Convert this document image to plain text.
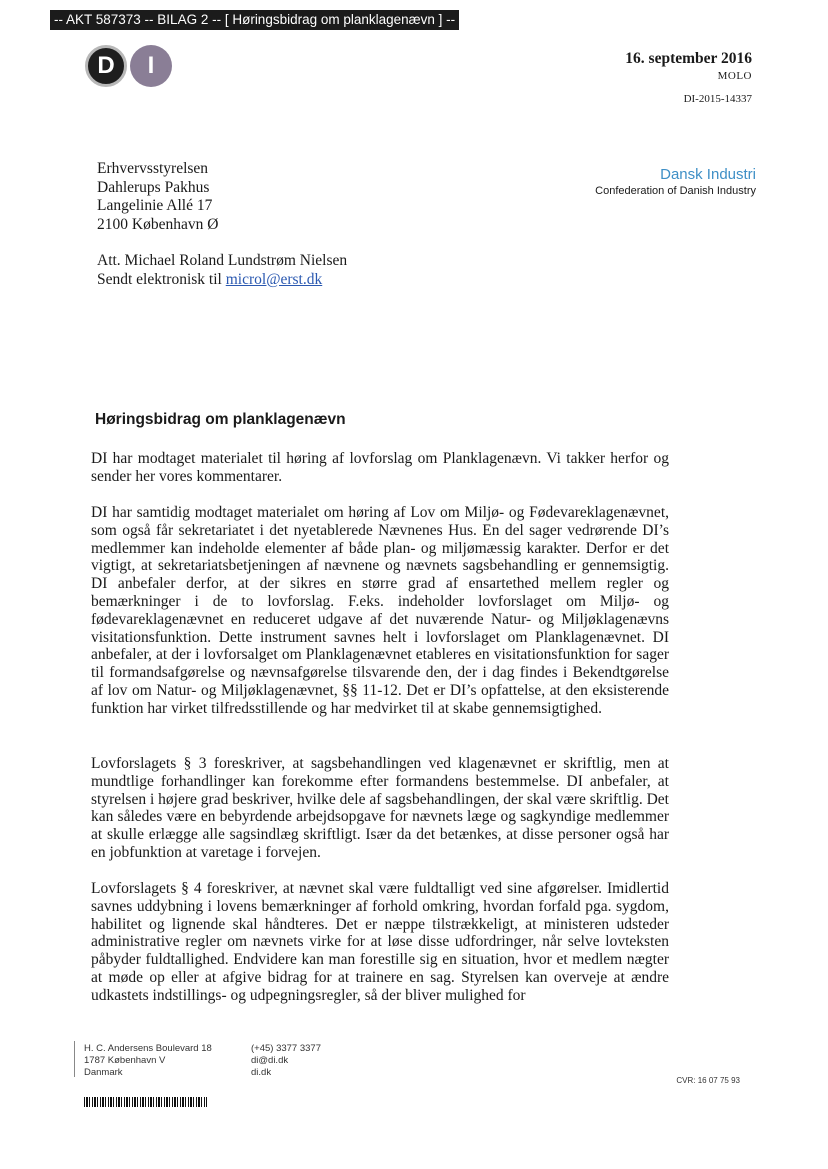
-- AKT 587373 -- BILAG 2 -- [ Høringsbidrag om planklagenævn ] --
D	I	16. september 2016
MOLO
DI-2015-14337
Erhvervsstyrelsen
Dahlerups Pakhus
Langelinie Allé 17
2100 København Ø
Dansk Industri
Confederation of Danish Industry
Att. Michael Roland Lundstrøm Nielsen
Sendt elektronisk til microl@erst.dk
Høringsbidrag om planklagenævn

DI har modtaget materialet til høring af lovforslag om Planklagenævn. Vi takker herfor og sender her vores kommentarer.

DI har samtidig modtaget materialet om høring af Lov om Miljø- og Fødevareklagenævnet, som også får sekretariatet i det nyetablerede Nævnenes Hus. En del sager vedrørende DI’s medlemmer kan indeholde elementer af både plan- og miljømæssig karakter. Derfor er det vigtigt, at sekretariatsbetjeningen af nævnene og nævnets sagsbehandling er gennemsigtig. DI anbefaler derfor, at der sikres en større grad af ensartethed mellem regler og bemærkninger i de to lovforslag. F.eks. indeholder lovforslaget om Miljø- og fødevareklagenævnet en reduceret udgave af det nuværende Natur- og Miljøklagenævns visitationsfunktion. Dette instrument savnes helt i lovforslaget om Planklagenævnet. DI anbefaler, at der i lovforsalget om Planklagenævnet etableres en visitationsfunktion for sager til formandsafgørelse og nævnsafgørelse tilsvarende den, der i dag findes i Bekendtgørelse af lov om Natur- og Miljøklagenævnet, §§ 11-12. Det er DI’s opfattelse, at den eksisterende funktion har virket tilfredsstillende og har medvirket til at skabe gennemsigtighed.

Lovforslagets § 3 foreskriver, at sagsbehandlingen ved klagenævnet er skriftlig, men at mundtlige forhandlinger kan forekomme efter formandens bestemmelse. DI anbefaler, at styrelsen i højere grad beskriver, hvilke dele af sagsbehandlingen, der skal være skriftlig. Det kan således være en bebyrdende arbejdsopgave for nævnets læge og sagkyndige medlemmer at skulle erlægge alle sagsindlæg skriftligt. Især da det betænkes, at disse personer også har en jobfunktion at varetage i forvejen.

Lovforslagets § 4 foreskriver, at nævnet skal være fuldtalligt ved sine afgørelser. Imidlertid savnes uddybning i lovens bemærkninger af forhold omkring, hvordan forfald pga. sygdom, habilitet og lignende skal håndteres. Det er næppe tilstrækkeligt, at ministeren udsteder administrative regler om nævnets virke for at løse disse udfordringer, når selve lovteksten påbyder fuldtallighed. Endvidere kan man forestille sig en situation, hvor et medlem nægter at møde op eller at afgive bidrag for at trainere en sag. Styrelsen kan overveje at ændre udkastets indstillings- og udpegningsregler, så der bliver mulighed for

H. C. Andersens Boulevard 18
1787 København V
Danmark
(+45) 3377 3377
di@di.dk
di.dk
CVR: 16 07 75 93
